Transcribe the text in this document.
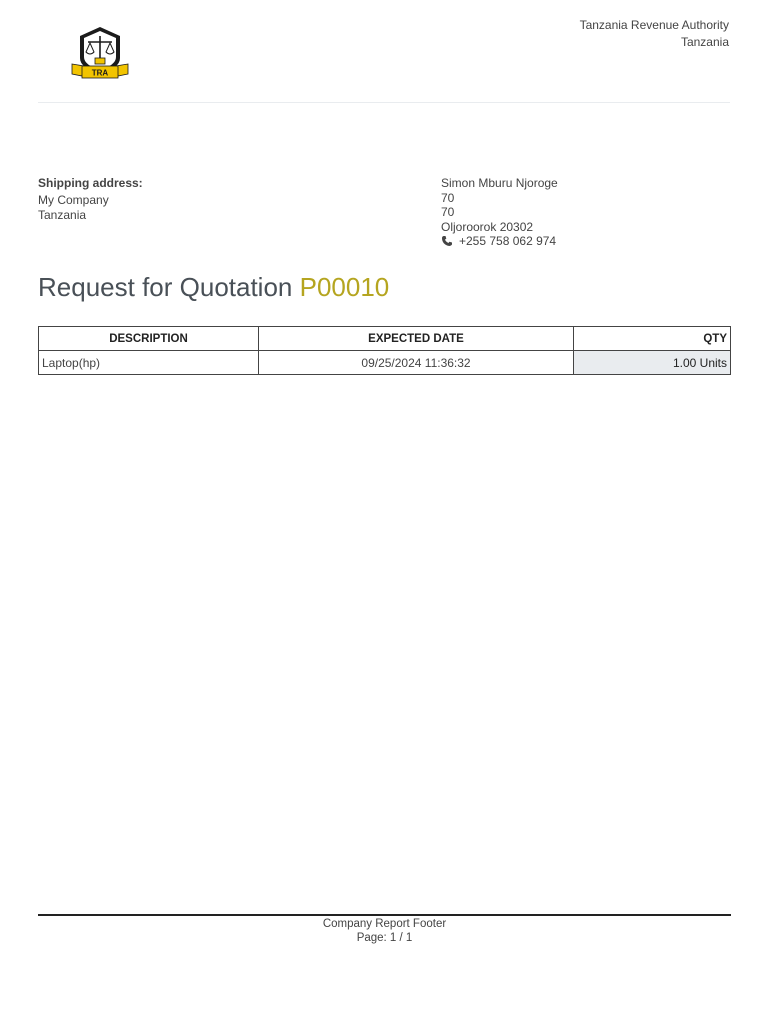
TRA
Tanzania Revenue Authority
Tanzania
Shipping address:
My Company
Tanzania
Simon Mburu Njoroge
70
70
Oljoroorok 20302
+255 758 062 974
Request for Quotation P00010
DESCRIPTION	EXPECTED DATE	QTY
Laptop(hp)	09/25/2024 11:36:32	1.00 Units
Company Report Footer
Page: 1 / 1
